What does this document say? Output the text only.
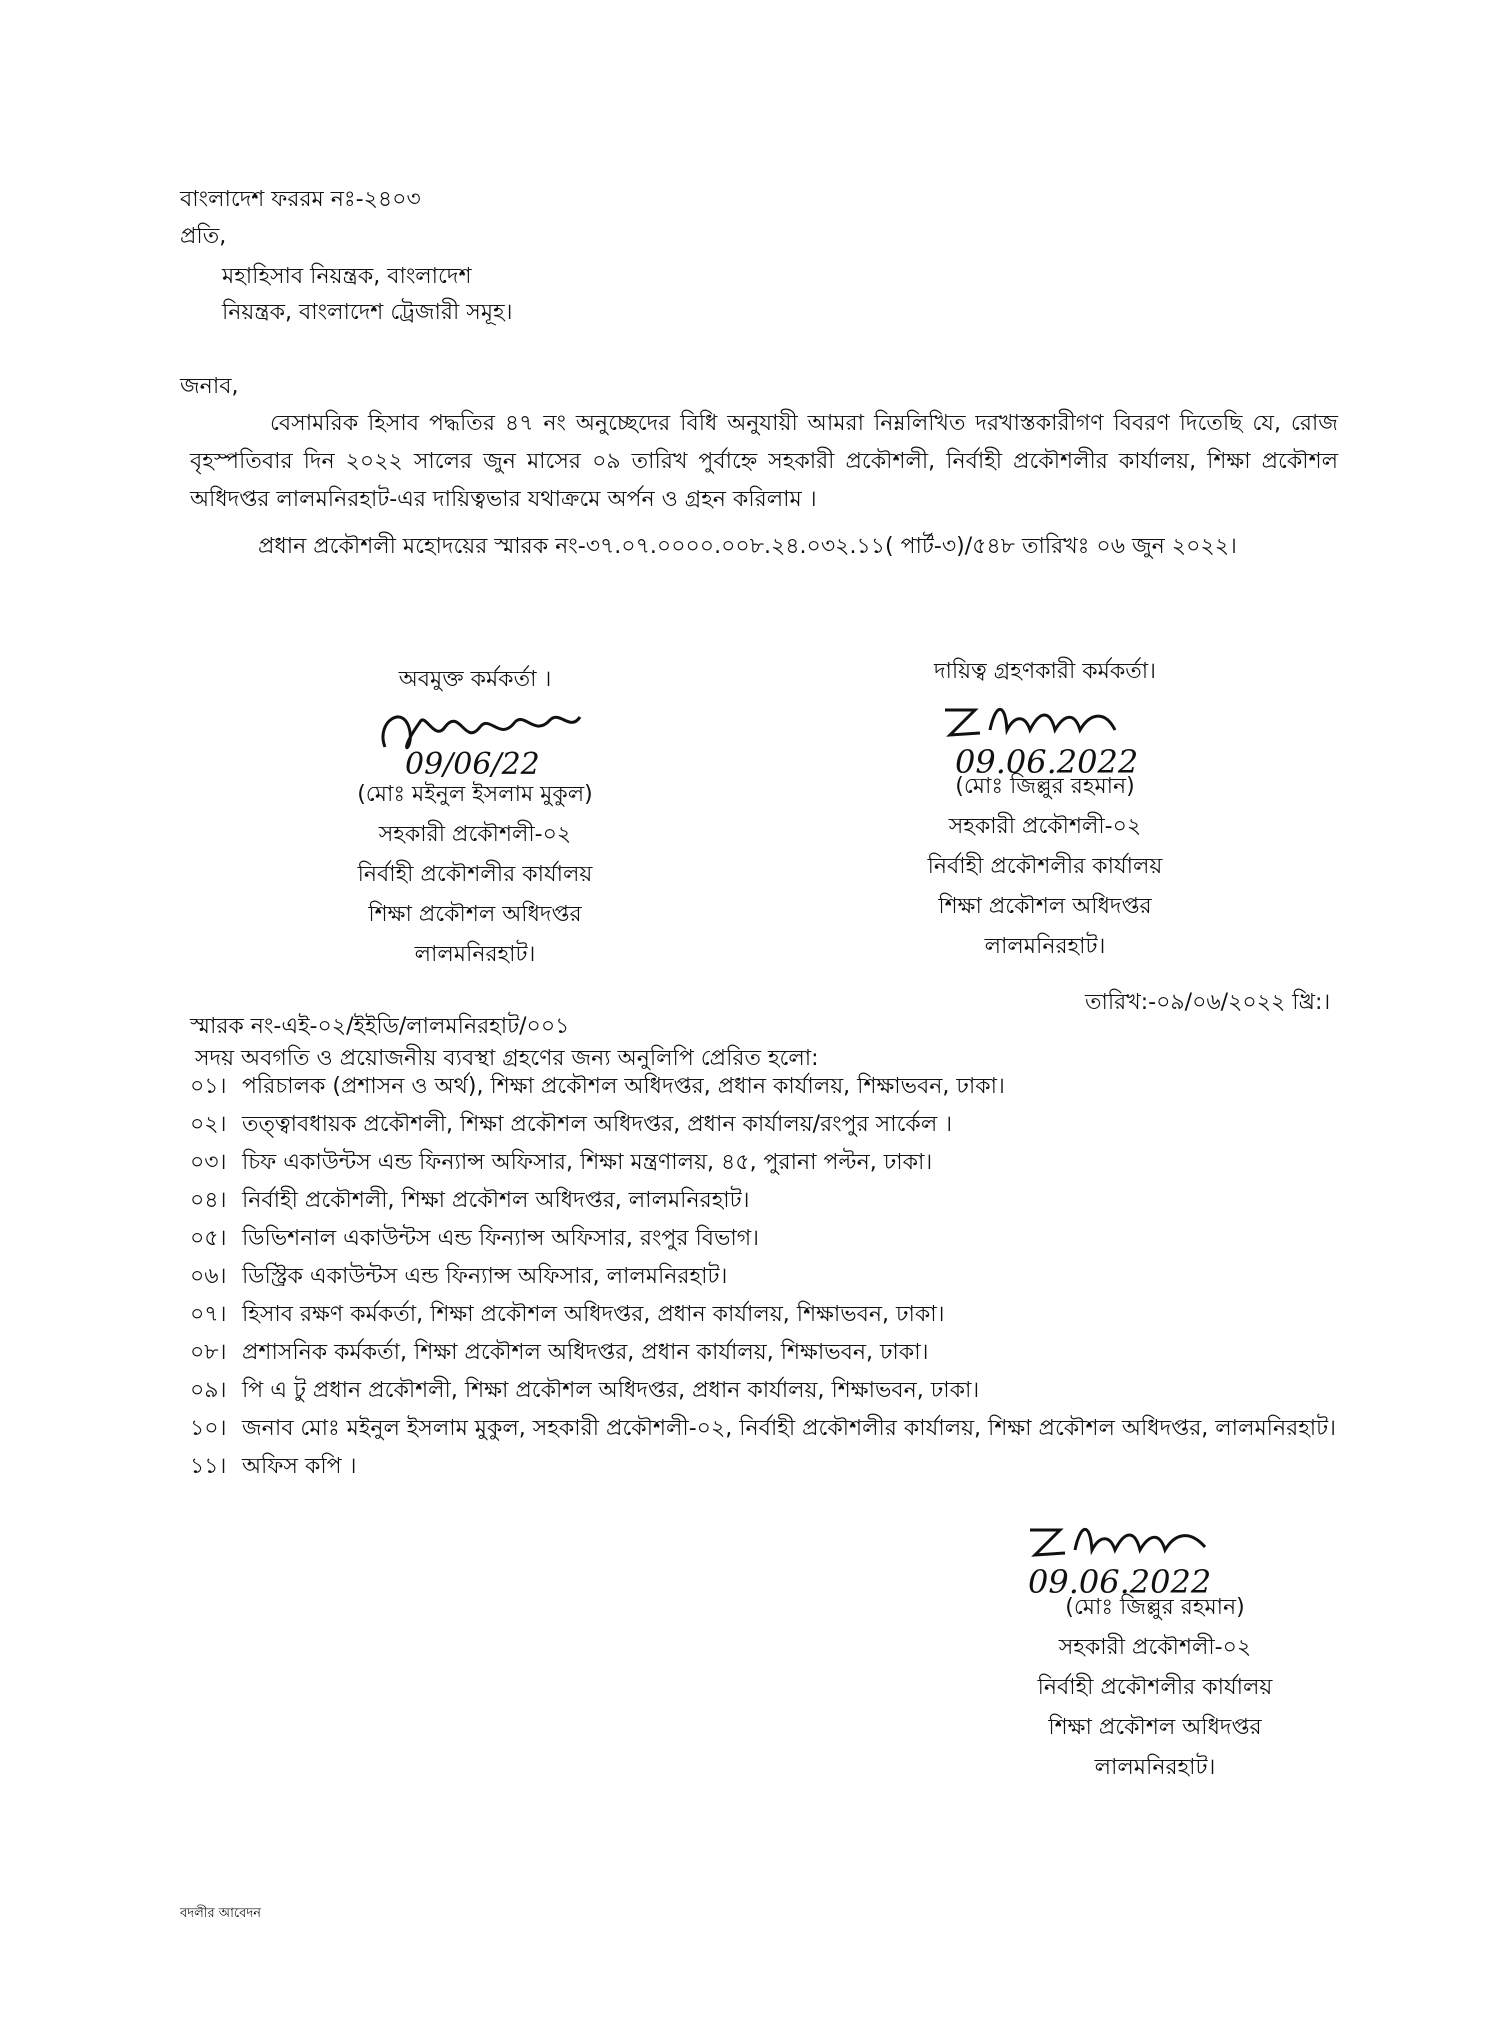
বাংলাদেশ ফররম নঃ-২৪০৩
প্রতি,
মহাহিসাব নিয়ন্ত্রক, বাংলাদেশ
নিয়ন্ত্রক, বাংলাদেশ ট্রেজারী সমূহ।
জনাব,
বেসামরিক হিসাব পদ্ধতির ৪৭ নং অনুচ্ছেদের বিধি অনুযায়ী আমরা নিম্নলিখিত দরখাস্তকারীগণ বিবরণ দিতেছি যে, রোজ বৃহস্পতিবার দিন ২০২২ সালের জুন মাসের ০৯ তারিখ পুর্বাহ্নে সহকারী প্রকৌশলী, নির্বাহী প্রকৌশলীর কার্যালয়, শিক্ষা প্রকৌশল অধিদপ্তর লালমনিরহাট-এর দায়িত্বভার যথাক্রমে অর্পন ও গ্রহন করিলাম ।
প্রধান প্রকৌশলী মহোদয়ের স্মারক নং-৩৭.০৭.০০০০.০০৮.২৪.০৩২.১১( পার্ট-৩)/৫৪৮ তারিখঃ ০৬ জুন ২০২২।
অবমুক্ত কর্মকর্তা ।
09/06/22
(মোঃ মইনুল ইসলাম মুকুল)
সহকারী প্রকৌশলী-০২
নির্বাহী প্রকৌশলীর কার্যালয়
শিক্ষা প্রকৌশল অধিদপ্তর
লালমনিরহাট।
দায়িত্ব গ্রহণকারী কর্মকর্তা।
09.06.2022
(মোঃ জিল্লুর রহমান)
সহকারী প্রকৌশলী-০২
নির্বাহী প্রকৌশলীর কার্যালয়
শিক্ষা প্রকৌশল অধিদপ্তর
লালমনিরহাট।
তারিখ:-০৯/০৬/২০২২ খ্রি:।
স্মারক নং-এই-০২/ইইডি/লালমনিরহাট/০০১
সদয় অবগতি ও প্রয়োজনীয় ব্যবস্থা গ্রহণের জন্য অনুলিপি প্রেরিত হলো:
০১। পরিচালক (প্রশাসন ও অর্থ), শিক্ষা প্রকৌশল অধিদপ্তর, প্রধান কার্যালয়, শিক্ষাভবন, ঢাকা।
০২। তত্ত্বাবধায়ক প্রকৌশলী, শিক্ষা প্রকৌশল অধিদপ্তর, প্রধান কার্যালয়/রংপুর সার্কেল ।
০৩। চিফ একাউন্টস এন্ড ফিন্যান্স অফিসার, শিক্ষা মন্ত্রণালয়, ৪৫, পুরানা পল্টন, ঢাকা।
০৪। নির্বাহী প্রকৌশলী, শিক্ষা প্রকৌশল অধিদপ্তর, লালমনিরহাট।
০৫। ডিভিশনাল একাউন্টস এন্ড ফিন্যান্স অফিসার, রংপুর বিভাগ।
০৬। ডিস্ট্রিক একাউন্টস এন্ড ফিন্যান্স অফিসার, লালমনিরহাট।
০৭। হিসাব রক্ষণ কর্মকর্তা, শিক্ষা প্রকৌশল অধিদপ্তর, প্রধান কার্যালয়, শিক্ষাভবন, ঢাকা।
০৮। প্রশাসনিক কর্মকর্তা, শিক্ষা প্রকৌশল অধিদপ্তর, প্রধান কার্যালয়, শিক্ষাভবন, ঢাকা।
০৯। পি এ টু প্রধান প্রকৌশলী, শিক্ষা প্রকৌশল অধিদপ্তর, প্রধান কার্যালয়, শিক্ষাভবন, ঢাকা।
১০। জনাব মোঃ মইনুল ইসলাম মুকুল, সহকারী প্রকৌশলী-০২, নির্বাহী প্রকৌশলীর কার্যালয়, শিক্ষা প্রকৌশল অধিদপ্তর, লালমনিরহাট।
১১। অফিস কপি ।
09.06.2022
(মোঃ জিল্লুর রহমান)
সহকারী প্রকৌশলী-০২
নির্বাহী প্রকৌশলীর কার্যালয়
শিক্ষা প্রকৌশল অধিদপ্তর
লালমনিরহাট।
বদলীর আবেদন
